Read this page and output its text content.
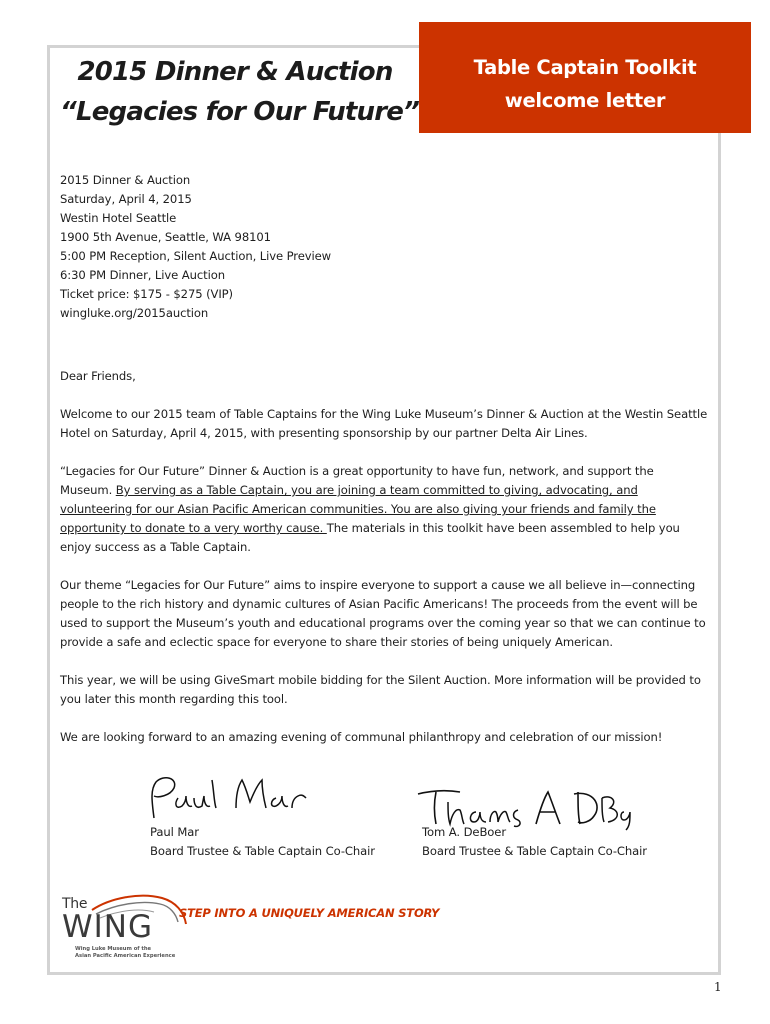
2015 Dinner & Auction
“Legacies for Our Future”
Table Captain Toolkit
welcome letter
2015 Dinner & Auction
Saturday, April 4, 2015
Westin Hotel Seattle
1900 5th Avenue, Seattle, WA 98101
5:00 PM Reception, Silent Auction, Live Preview
6:30 PM Dinner, Live Auction
Ticket price: $175 - $275 (VIP)
wingluke.org/2015auction

Dear Friends,

Welcome to our 2015 team of Table Captains for the Wing Luke Museum’s Dinner & Auction at the Westin Seattle Hotel on Saturday, April 4, 2015, with presenting sponsorship by our partner Delta Air Lines.

“Legacies for Our Future” Dinner & Auction is a great opportunity to have fun, network, and support the Museum. By serving as a Table Captain, you are joining a team committed to giving, advocating, and volunteering for our Asian Pacific American communities. You are also giving your friends and family the opportunity to donate to a very worthy cause. The materials in this toolkit have been assembled to help you enjoy success as a Table Captain.

Our theme “Legacies for Our Future” aims to inspire everyone to support a cause we all believe in—connecting people to the rich history and dynamic cultures of Asian Pacific Americans! The proceeds from the event will be used to support the Museum’s youth and educational programs over the coming year so that we can continue to provide a safe and eclectic space for everyone to share their stories of being uniquely American.

This year, we will be using GiveSmart mobile bidding for the Silent Auction. More information will be provided to you later this month regarding this tool.

We are looking forward to an amazing evening of communal philanthropy and celebration of our mission!

Paul Mar
Board Trustee & Table Captain Co-Chair
Tom A. DeBoer
Board Trustee & Table Captain Co-Chair
The
WING
Wing Luke Museum of the
Asian Pacific American Experience
STEP INTO A UNIQUELY AMERICAN STORY
1
